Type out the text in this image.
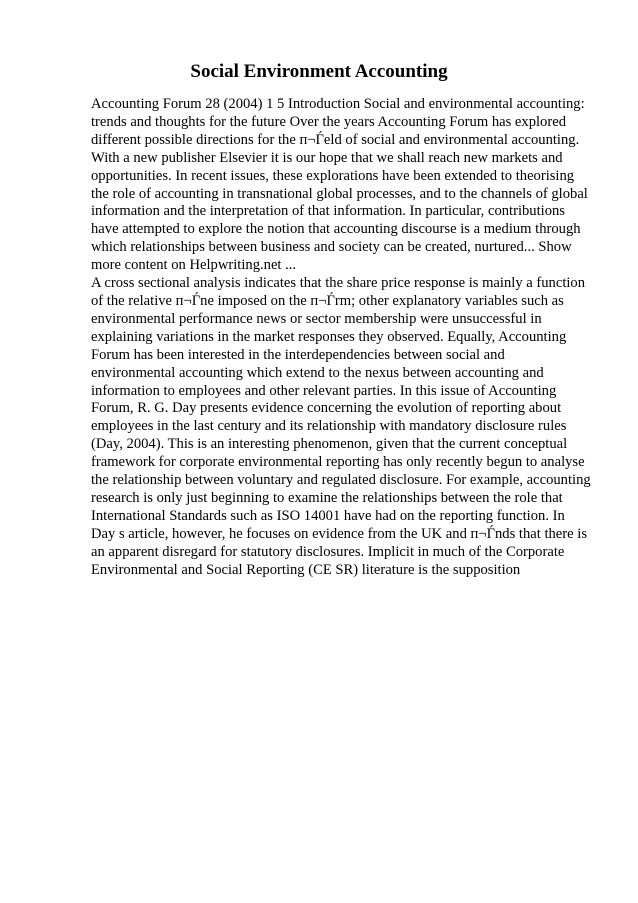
Social Environment Accounting

Accounting Forum 28 (2004) 1 5 Introduction Social and environmental accounting: trends and thoughts for the future Over the years Accounting Forum has explored different possible directions for the п¬Ѓeld of social and environmental accounting. With a new publisher Elsevier it is our hope that we shall reach new markets and opportunities. In recent issues, these explorations have been extended to theorising the role of accounting in transnational global processes, and to the channels of global information and the interpretation of that information. In particular, contributions have attempted to explore the notion that accounting discourse is a medium through which relationships between business and society can be created, nurtured... Show more content on Helpwriting.net ...

A cross sectional analysis indicates that the share price response is mainly a function of the relative п¬Ѓne imposed on the п¬Ѓrm; other explanatory variables such as environmental performance news or sector membership were unsuccessful in explaining variations in the market responses they observed. Equally, Accounting Forum has been interested in the interdependencies between social and environmental accounting which extend to the nexus between accounting and information to employees and other relevant parties. In this issue of Accounting Forum, R. G. Day presents evidence concerning the evolution of reporting about employees in the last century and its relationship with mandatory disclosure rules (Day, 2004). This is an interesting phenomenon, given that the current conceptual framework for corporate environmental reporting has only recently begun to analyse the relationship between voluntary and regulated disclosure. For example, accounting research is only just beginning to examine the relationships between the role that International Standards such as ISO 14001 have had on the reporting function. In Day s article, however, he focuses on evidence from the UK and п¬Ѓnds that there is an apparent disregard for statutory disclosures. Implicit in much of the Corporate Environmental and Social Reporting (CE SR) literature is the supposition
